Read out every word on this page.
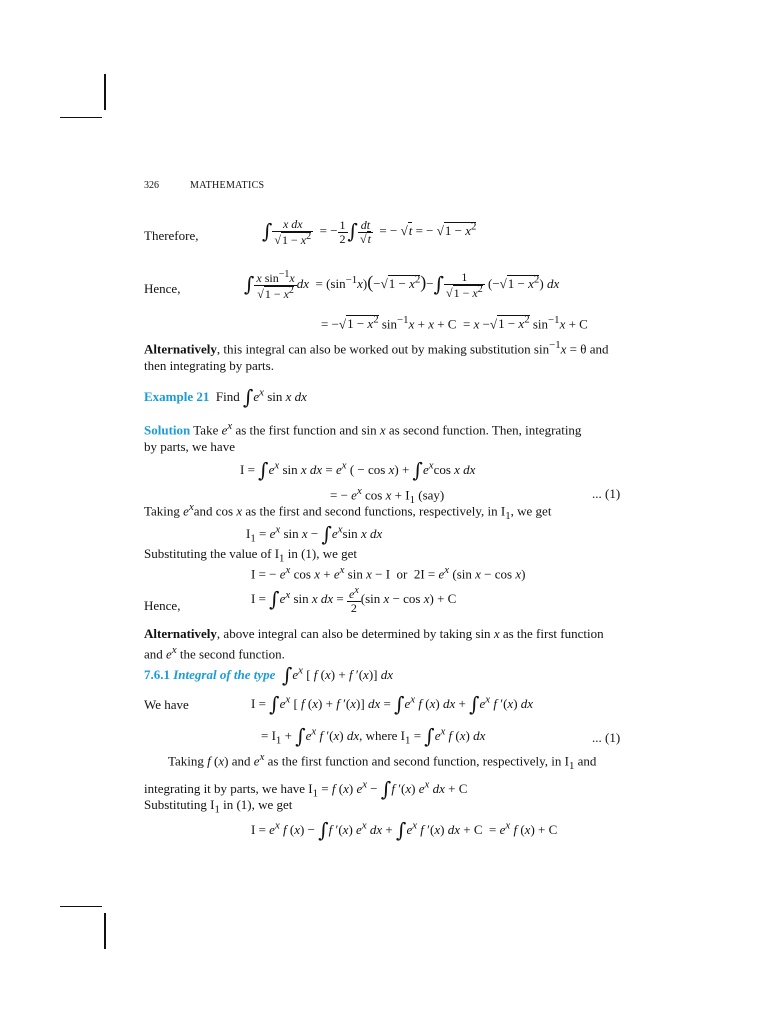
326	MATHEMATICS
Therefore,	∫ $\frac{\text{x dx}}{√1 - x^2}$ = − $\frac{1}{2}$ ∫ $\frac{dt}{√t}$ = − √t = − $√1 - x^2$
Hence,	∫ $\frac{x \sin^{-1}x}{√1 - x^2}$ dx  = $(\sin^{-1}x)(-√1 - x^2)-\int \frac{1}{√1 - x^2} (-√1 - x^2)$ dx
= $-√1 - x^2$ $\sin^{-1}x + x + C = x -√1 - x^2$ $\sin^{-1}x + C$
Alternatively, this integral can also be worked out by making substitution $\sin^{-1}x = \theta$ and
then integrating by parts.
Example 21 Find $\int e^x$ sin x dx
Solution Take $e^x$ as the first function and sin x as second function. Then, integrating
by parts, we have
$I = \int e^x$ sin x dx = $e^x$ ( − $\cos x) + \int e^x\cos$ x dx
= − $e^x$ $\cos x + I_1$ (say)	... (1)
Taking $e^xand$ cos x as the first and second functions, respectively, in $I_1$, we get
$I_1 = e^x$ $\sin x - \int e^x\sin$ x dx
Substituting the value of $I_1$ in (1), we get
I = − $e^x$ $\cos x + e^x$ sin x − I  or  $2I = e^x$ (sin x − cos x)
Hence,	$I = \int e^x$ sin x dx = $\frac{e^x}{2} (\sin$ x − cos x) + C
Alternatively, above integral can also be determined by taking sin x as the first function
and $e^x$ the second function.
7.6.1 Integral of the type $\int e^x$ [ f (x) + f ′(x)] dx
We have	$I = \int e^x$ [ f (x) + f ′(x)] dx = $\int e^x$ f (x) dx + $\int e^x$ f ′(x) dx
= $I_1 + \int e^x$ f ′(x) dx, where $I_1 = \int e^x$ f (x) dx	... (1)
Taking f (x) and $e^x$ as the first function and second function, respectively, in $I_1$ and
integrating it by parts, we have $I_1 = f$ (x) $e^x - \int f$ ′(x) $e^x$ dx + C
Substituting $I_1$ in (1), we get
$I = e^x$ f (x) − ∫f ′(x) $e^x$ dx + $\int e^x$ f ′(x) dx + $C = e^x$ f (x) + C
